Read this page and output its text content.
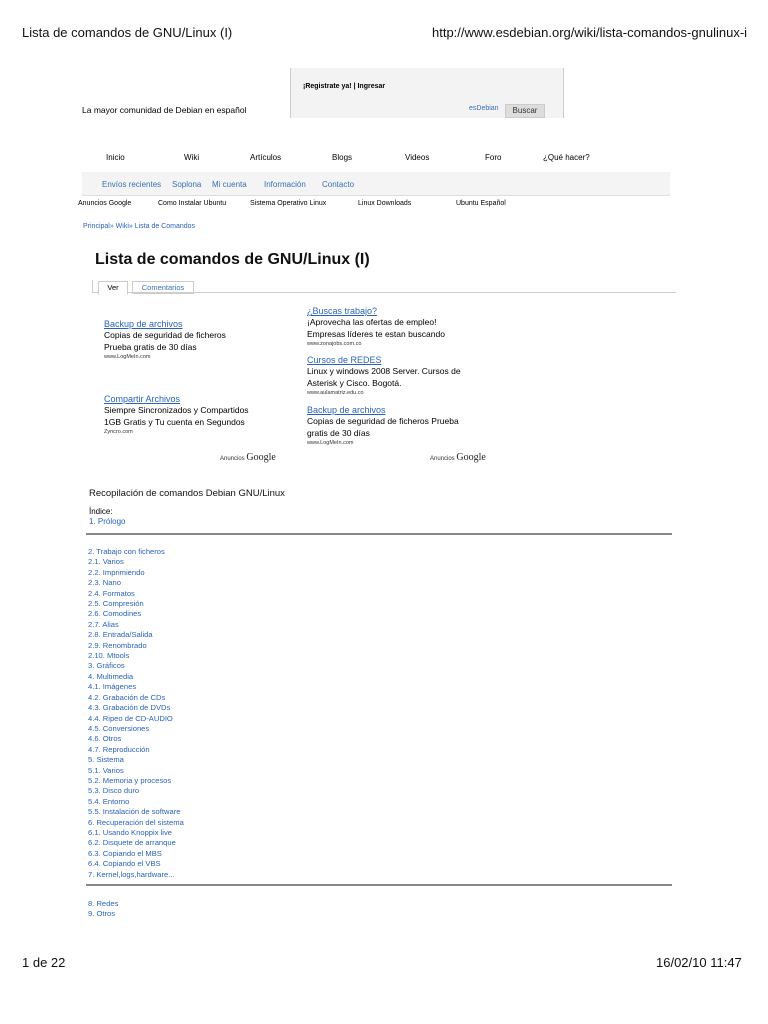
Lista de comandos de GNU/Linux (I)	http://www.esdebian.org/wiki/lista-comandos-gnulinux-i
La mayor comunidad de Debian en español
¡Registrate ya! | Ingresar
esDebian	Buscar
Inicio	Wiki	Artículos	Blogs	Videos	Foro	¿Qué hacer?
Envíos recientes Soplona Mi cuenta Información Contacto
Anuncios Google	Como Instalar Ubuntu	Sistema Operativo Linux	Linux Downloads	Ubuntu Español
Principal» Wiki» Lista de Comandos
Lista de comandos de GNU/Linux (I)
Ver	Comentarios
Backup de archivos
Copias de seguridad de ficheros
Prueba gratis de 30 días
www.LogMeIn.com
Compartir Archivos
Siempre Sincronizados y Compartidos
1GB Gratis y Tu cuenta en Segundos
Zyncro.com
Anuncios Google
¿Buscas trabajo?
¡Aprovecha las ofertas de empleo!
Empresas líderes te estan buscando
www.zonajobs.com.co
Cursos de REDES
Linux y windows 2008 Server. Cursos de
Asterisk y Cisco. Bogotá.
www.aulamatriz.edu.co
Backup de archivos
Copias de seguridad de ficheros Prueba
gratis de 30 días
www.LogMeIn.com
Anuncios Google
Recopilación de comandos Debian GNU/Linux
Índice:
1. Prólogo
2. Trabajo con ficheros
2.1. Varios
2.2. Imprimiendo
2.3. Nano
2.4. Formatos
2.5. Compresión
2.6. Comodines
2.7. Alias
2.8. Entrada/Salida
2.9. Renombrado
2.10. Mtools
3. Gráficos
4. Multimedia
4.1. Imágenes
4.2. Grabación de CDs
4.3. Grabación de DVDs
4.4. Ripeo de CD-AUDIO
4.5. Conversiones
4.6. Otros
4.7. Reproducción
5. Sistema
5.1. Varios
5.2. Memoria y procesos
5.3. Disco duro
5.4. Entorno
5.5. Instalación de software
6. Recuperación del sistema
6.1. Usando Knoppix live
6.2. Disquete de arranque
6.3. Copiando el MBS
6.4. Copiando el VBS
7. Kernel,logs,hardware...
8. Redes
9. Otros
1 de 22	16/02/10 11:47
